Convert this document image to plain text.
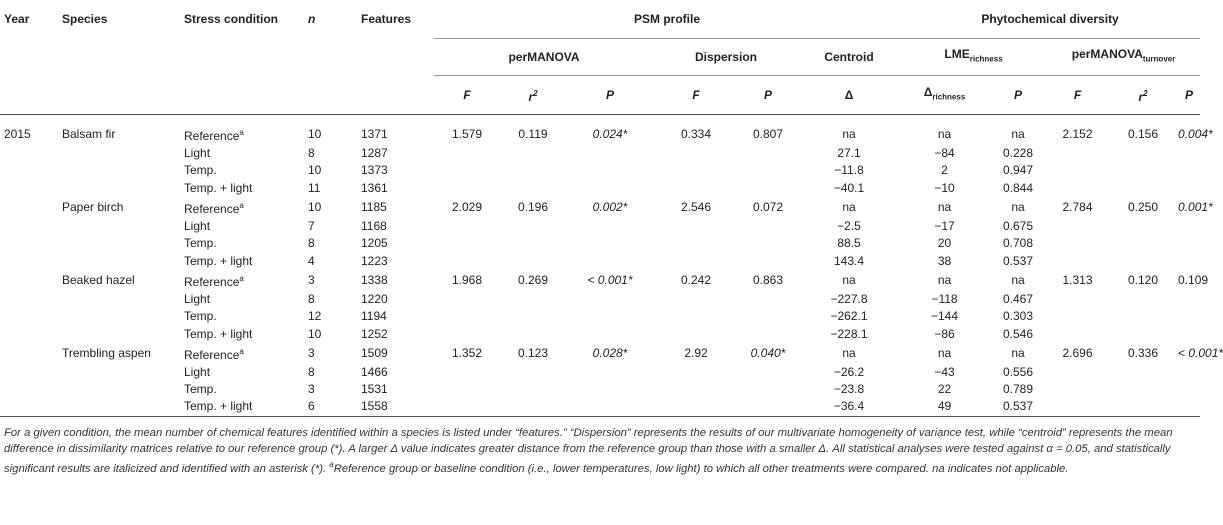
Year	Species	Stress condition	n	Features	PSM profile						Phytochemical diversity				
					perMANOVA			Dispersion		Centroid	$LME_{richness}$		perMANOVA$_{turnover}$
					F	$r^2$	P	F	P	Δ	$\Delta_{richness}$	P	F	$r^2$	P

2015	Balsam fir	Reference$^a$	10	1371	1.579	0.119	0.024*	0.334	0.807	na	na	na	2.152	0.156	0.004*
		Light	8	1287						27.1	−84	0.228			
		Temp.	10	1373						−11.8	2	0.947			
		Temp. + light	11	1361						−40.1	−10	0.844			
	Paper birch	Reference$^a$	10	1185	2.029	0.196	0.002*	2.546	0.072	na	na	na	2.784	0.250	0.001*
		Light	7	1168						−2.5	−17	0.675			
		Temp.	8	1205						88.5	20	0.708			
		Temp. + light	4	1223						143.4	38	0.537			
	Beaked hazel	Reference$^a$	3	1338	1.968	0.269	< 0.001*	0.242	0.863	na	na	na	1.313	0.120	0.109
		Light	8	1220						−227.8	−118	0.467			
		Temp.	12	1194						−262.1	−144	0.303			
		Temp. + light	10	1252						−228.1	−86	0.546			
	Trembling aspen	Reference$^a$	3	1509	1.352	0.123	0.028*	2.92	0.040*	na	na	na	2.696	0.336	< 0.001*
		Light	8	1466						−26.2	−43	0.556			
		Temp.	3	1531						−23.8	22	0.789			
		Temp. + light	6	1558						−36.4	49	0.537			
For a given condition, the mean number of chemical features identified within a species is listed under “features.” “Dispersion” represents the results of our multivariate homogeneity of variance test, while “centroid” represents the mean difference in dissimilarity matrices relative to our reference group (*). A larger Δ value indicates greater distance from the reference group than those with a smaller Δ. All statistical analyses were tested against α = 0.05, and statistically significant results are italicized and identified with an asterisk (*). $^a$Reference group or baseline condition (i.e., lower temperatures, low light) to which all other treatments were compared. na indicates not applicable.
